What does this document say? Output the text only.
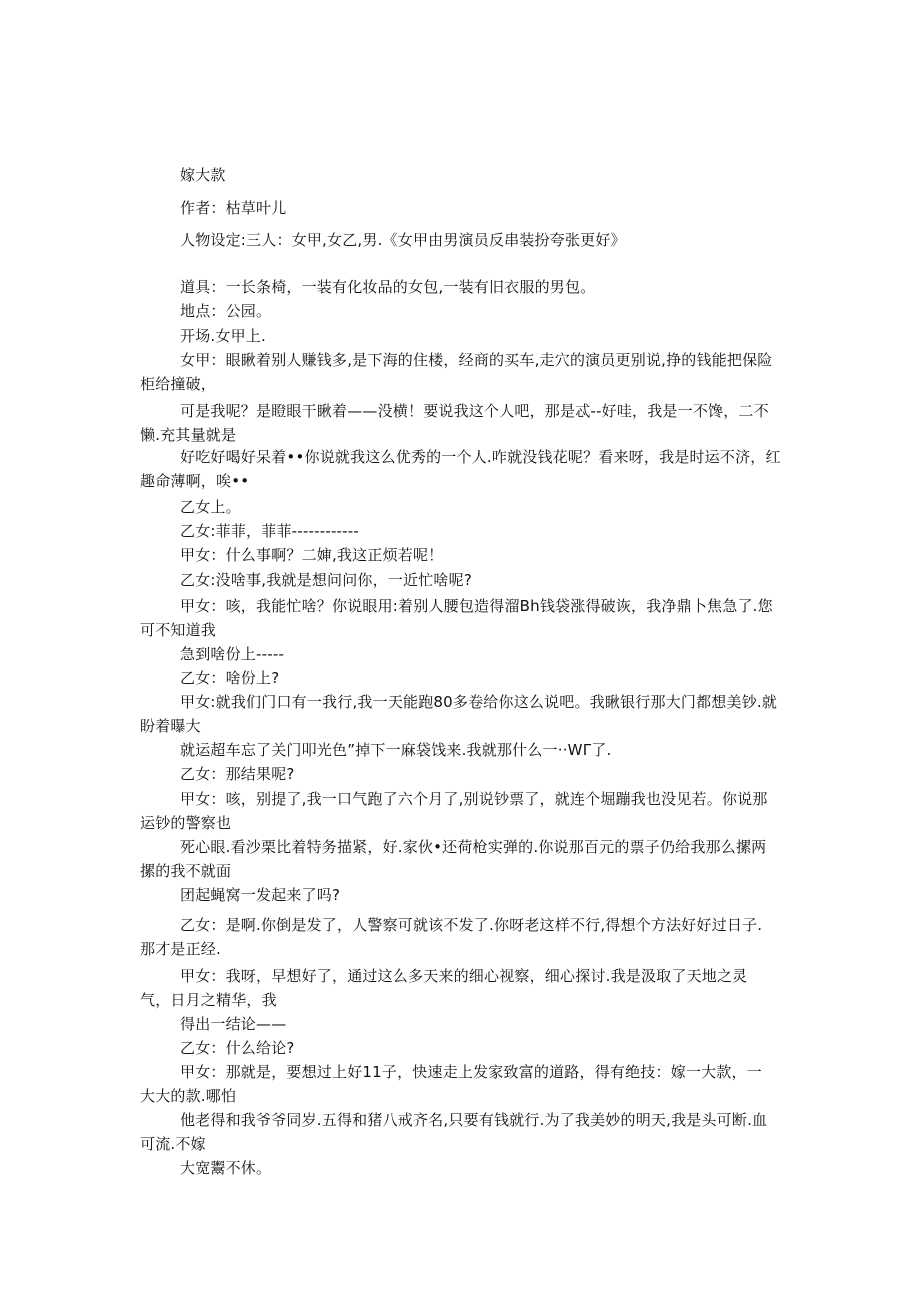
嫁大款
作者：枯草叶儿
人物设定:三人：女甲,女乙,男.《女甲由男演员反串装扮夸张更好》
道具：一长条椅，一装有化妆品的女包,一装有旧衣服的男包。
地点：公园。
开场.女甲上.
女甲：眼瞅着别人赚钱多,是下海的住楼，经商的买车,走穴的演员更别说,挣的钱能把保险
柜给撞破，
可是我呢？是瞪眼干瞅着——没横！要说我这个人吧，那是忒--好哇，我是一不馋，二不
懒.充其量就是
好吃好喝好呆着••你说就我这么优秀的一个人.咋就没钱花呢？看来呀，我是时运不济，红
趣命薄啊，唉••
乙女上。
乙女:菲菲，菲菲------------
甲女：什么事啊？二婶,我这正烦若呢！
乙女:没啥事,我就是想问问你，一近忙啥呢?
甲女：咳，我能忙啥？你说眼用:着别人腰包造得溜Bh钱袋涨得破诙，我净鼎卜焦急了.您
可不知道我
急到啥份上-----
乙女：啥份上?
甲女:就我们门口有一我行,我一天能跑80多卷给你这么说吧。我瞅银行那大门都想美钞.就
盼着曝大
就运超车忘了关门叩光色”掉下一麻袋饯来.我就那什么一··WΓ了.
乙女：那结果呢?
甲女：咳，别提了,我一口气跑了六个月了,别说钞票了，就连个堀蹦我也没见若。你说那
运钞的警察也
死心眼.看沙栗比着特务描紧，好.家伙•还荷枪实弹的.你说那百元的票子仍给我那么摞两
摞的我不就面
团起蝇窝一发起来了吗?
乙女：是啊.你倒是发了，人警察可就该不发了.你呀老这样不行,得想个方法好好过日子.
那才是正经.
甲女：我呀，早想好了，通过这么多天来的细心视察，细心探讨.我是汲取了天地之灵
气，日月之精华，我
得出一结论——
乙女：什么给论?
甲女：那就是，要想过上好11子，快速走上发家致富的道路，得有绝技：嫁一大款，一
大大的款.哪怕
他老得和我爷爷同岁.五得和猪八戒齐名,只要有钱就行.为了我美妙的明天,我是头可断.血
可流.不嫁
大宽鬻不休。
